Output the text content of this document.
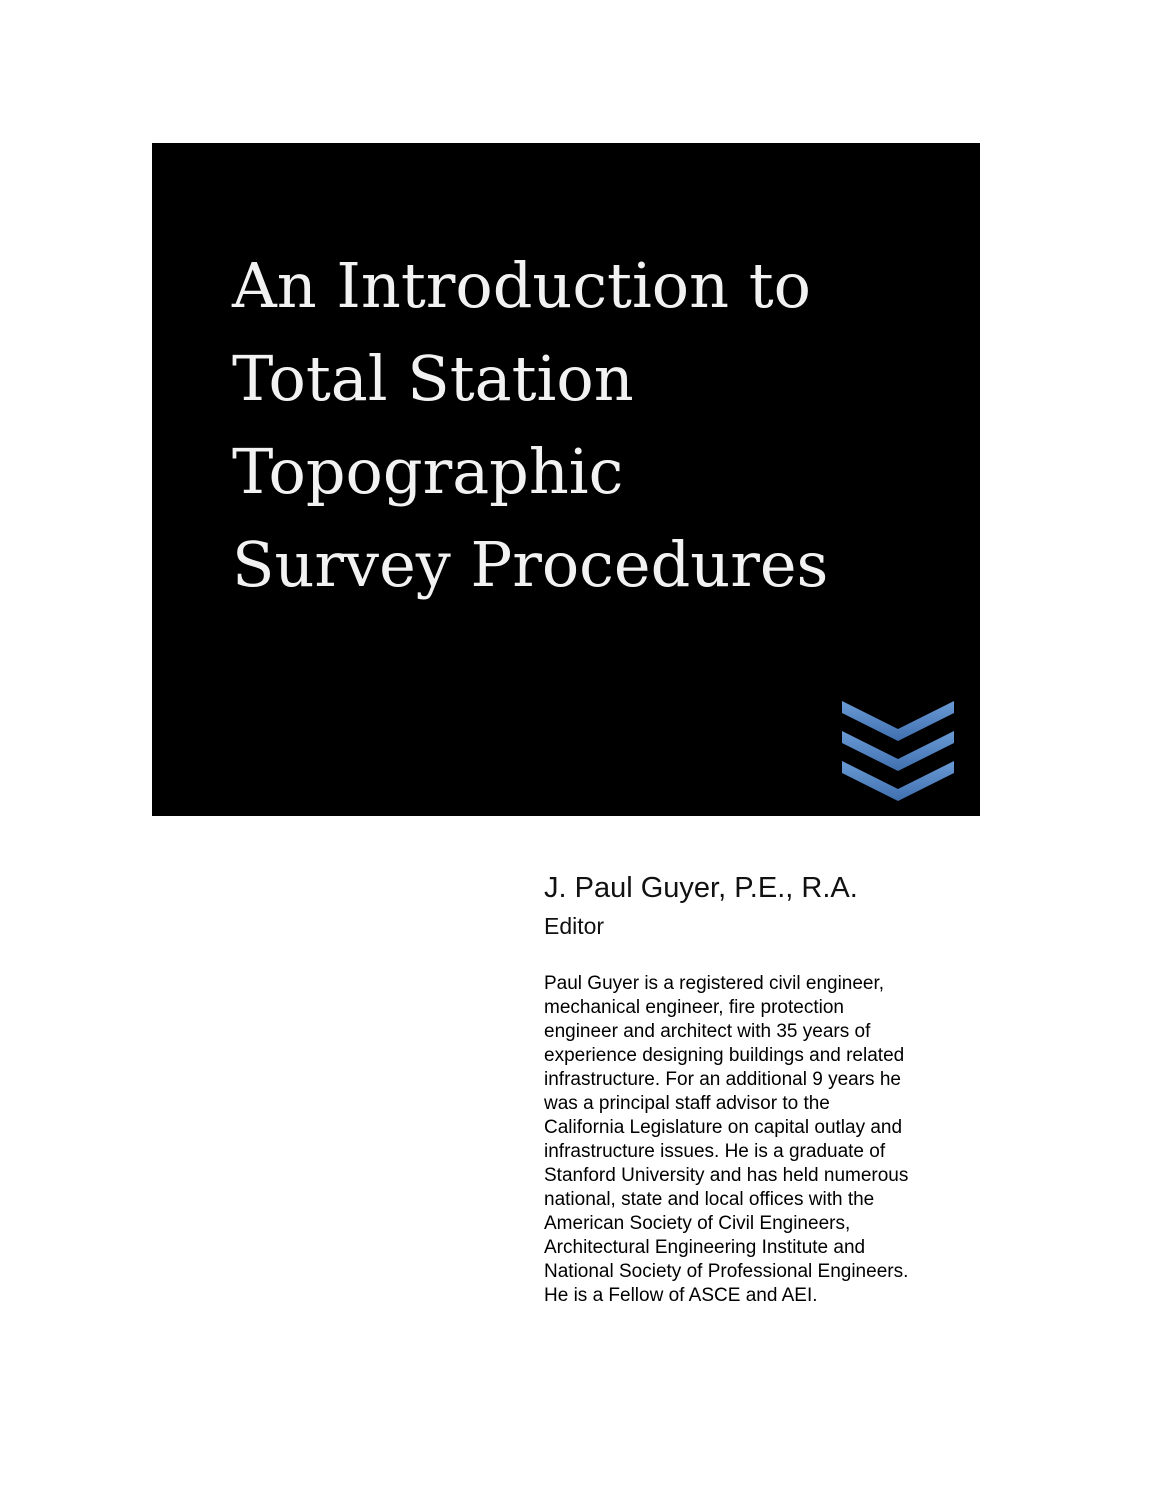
An Introduction to
Total Station
Topographic
Survey Procedures

J. Paul Guyer, P.E., R.A.

Editor

Paul Guyer is a registered civil engineer,
mechanical engineer, fire protection
engineer and architect with 35 years of
experience designing buildings and related
infrastructure. For an additional 9 years he
was a principal staff advisor to the
California Legislature on capital outlay and
infrastructure issues. He is a graduate of
Stanford University and has held numerous
national, state and local offices with the
American Society of Civil Engineers,
Architectural Engineering Institute and
National Society of Professional Engineers.
He is a Fellow of ASCE and AEI.
